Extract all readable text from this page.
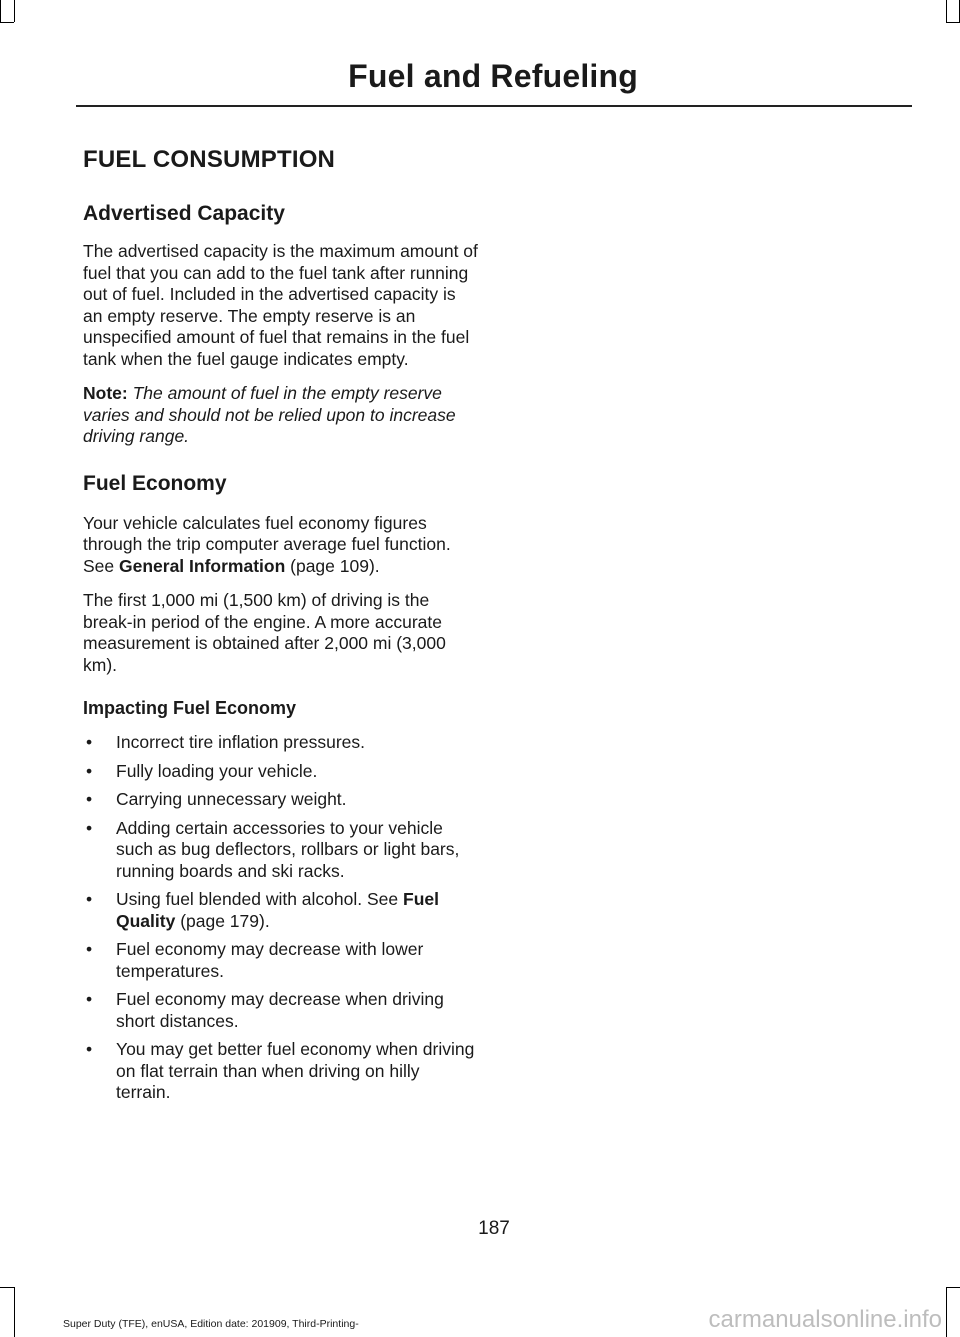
Fuel and Refueling
FUEL CONSUMPTION
Advertised Capacity

The advertised capacity is the maximum amount of fuel that you can add to the fuel tank after running out of fuel. Included in the advertised capacity is an empty reserve. The empty reserve is an unspecified amount of fuel that remains in the fuel tank when the fuel gauge indicates empty.

Note: The amount of fuel in the empty reserve varies and should not be relied upon to increase driving range.

Fuel Economy

Your vehicle calculates fuel economy figures through the trip computer average fuel function. See General Information (page 109).

The first 1,000 mi (1,500 km) of driving is the break-in period of the engine. A more accurate measurement is obtained after 2,000 mi (3,000 km).

Impacting Fuel Economy
• Incorrect tire inflation pressures.
• Fully loading your vehicle.
• Carrying unnecessary weight.
• Adding certain accessories to your vehicle such as bug deflectors, rollbars or light bars, running boards and ski racks.
• Using fuel blended with alcohol. See Fuel Quality (page 179).
• Fuel economy may decrease with lower temperatures.
• Fuel economy may decrease when driving short distances.
• You may get better fuel economy when driving on flat terrain than when driving on hilly terrain.
187
Super Duty (TFE), enUSA, Edition date: 201909, Third-Printing-	carmanualsonline.info
